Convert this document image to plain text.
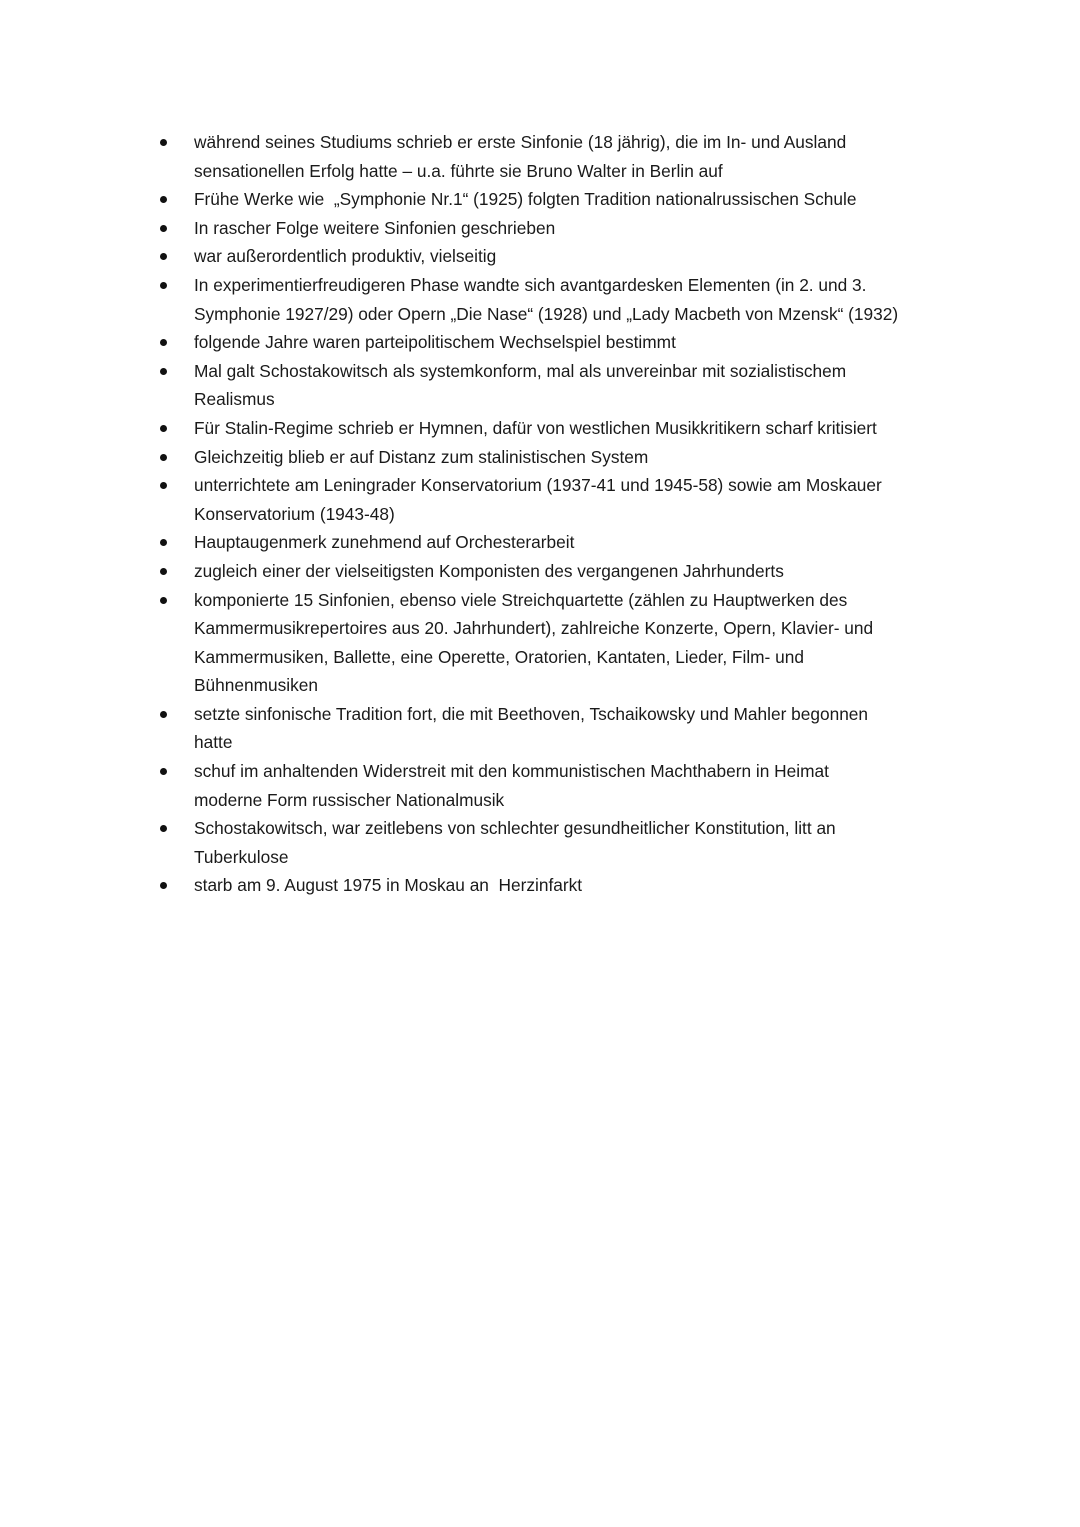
während seines Studiums schrieb er erste Sinfonie (18 jährig), die im In- und Ausland
sensationellen Erfolg hatte – u.a. führte sie Bruno Walter in Berlin auf
Frühe Werke wie  „Symphonie Nr.1“ (1925) folgten Tradition nationalrussischen Schule
In rascher Folge weitere Sinfonien geschrieben
war außerordentlich produktiv, vielseitig
In experimentierfreudigeren Phase wandte sich avantgardesken Elementen (in 2. und 3.
Symphonie 1927/29) oder Opern „Die Nase“ (1928) und „Lady Macbeth von Mzensk“ (1932)
folgende Jahre waren parteipolitischem Wechselspiel bestimmt
Mal galt Schostakowitsch als systemkonform, mal als unvereinbar mit sozialistischem
Realismus
Für Stalin-Regime schrieb er Hymnen, dafür von westlichen Musikkritikern scharf kritisiert
Gleichzeitig blieb er auf Distanz zum stalinistischen System
unterrichtete am Leningrader Konservatorium (1937-41 und 1945-58) sowie am Moskauer
Konservatorium (1943-48)
Hauptaugenmerk zunehmend auf Orchesterarbeit
zugleich einer der vielseitigsten Komponisten des vergangenen Jahrhunderts
komponierte 15 Sinfonien, ebenso viele Streichquartette (zählen zu Hauptwerken des
Kammermusikrepertoires aus 20. Jahrhundert), zahlreiche Konzerte, Opern, Klavier- und
Kammermusiken, Ballette, eine Operette, Oratorien, Kantaten, Lieder, Film- und
Bühnenmusiken
setzte sinfonische Tradition fort, die mit Beethoven, Tschaikowsky und Mahler begonnen
hatte
schuf im anhaltenden Widerstreit mit den kommunistischen Machthabern in Heimat
moderne Form russischer Nationalmusik
Schostakowitsch, war zeitlebens von schlechter gesundheitlicher Konstitution, litt an
Tuberkulose
starb am 9. August 1975 in Moskau an  Herzinfarkt
